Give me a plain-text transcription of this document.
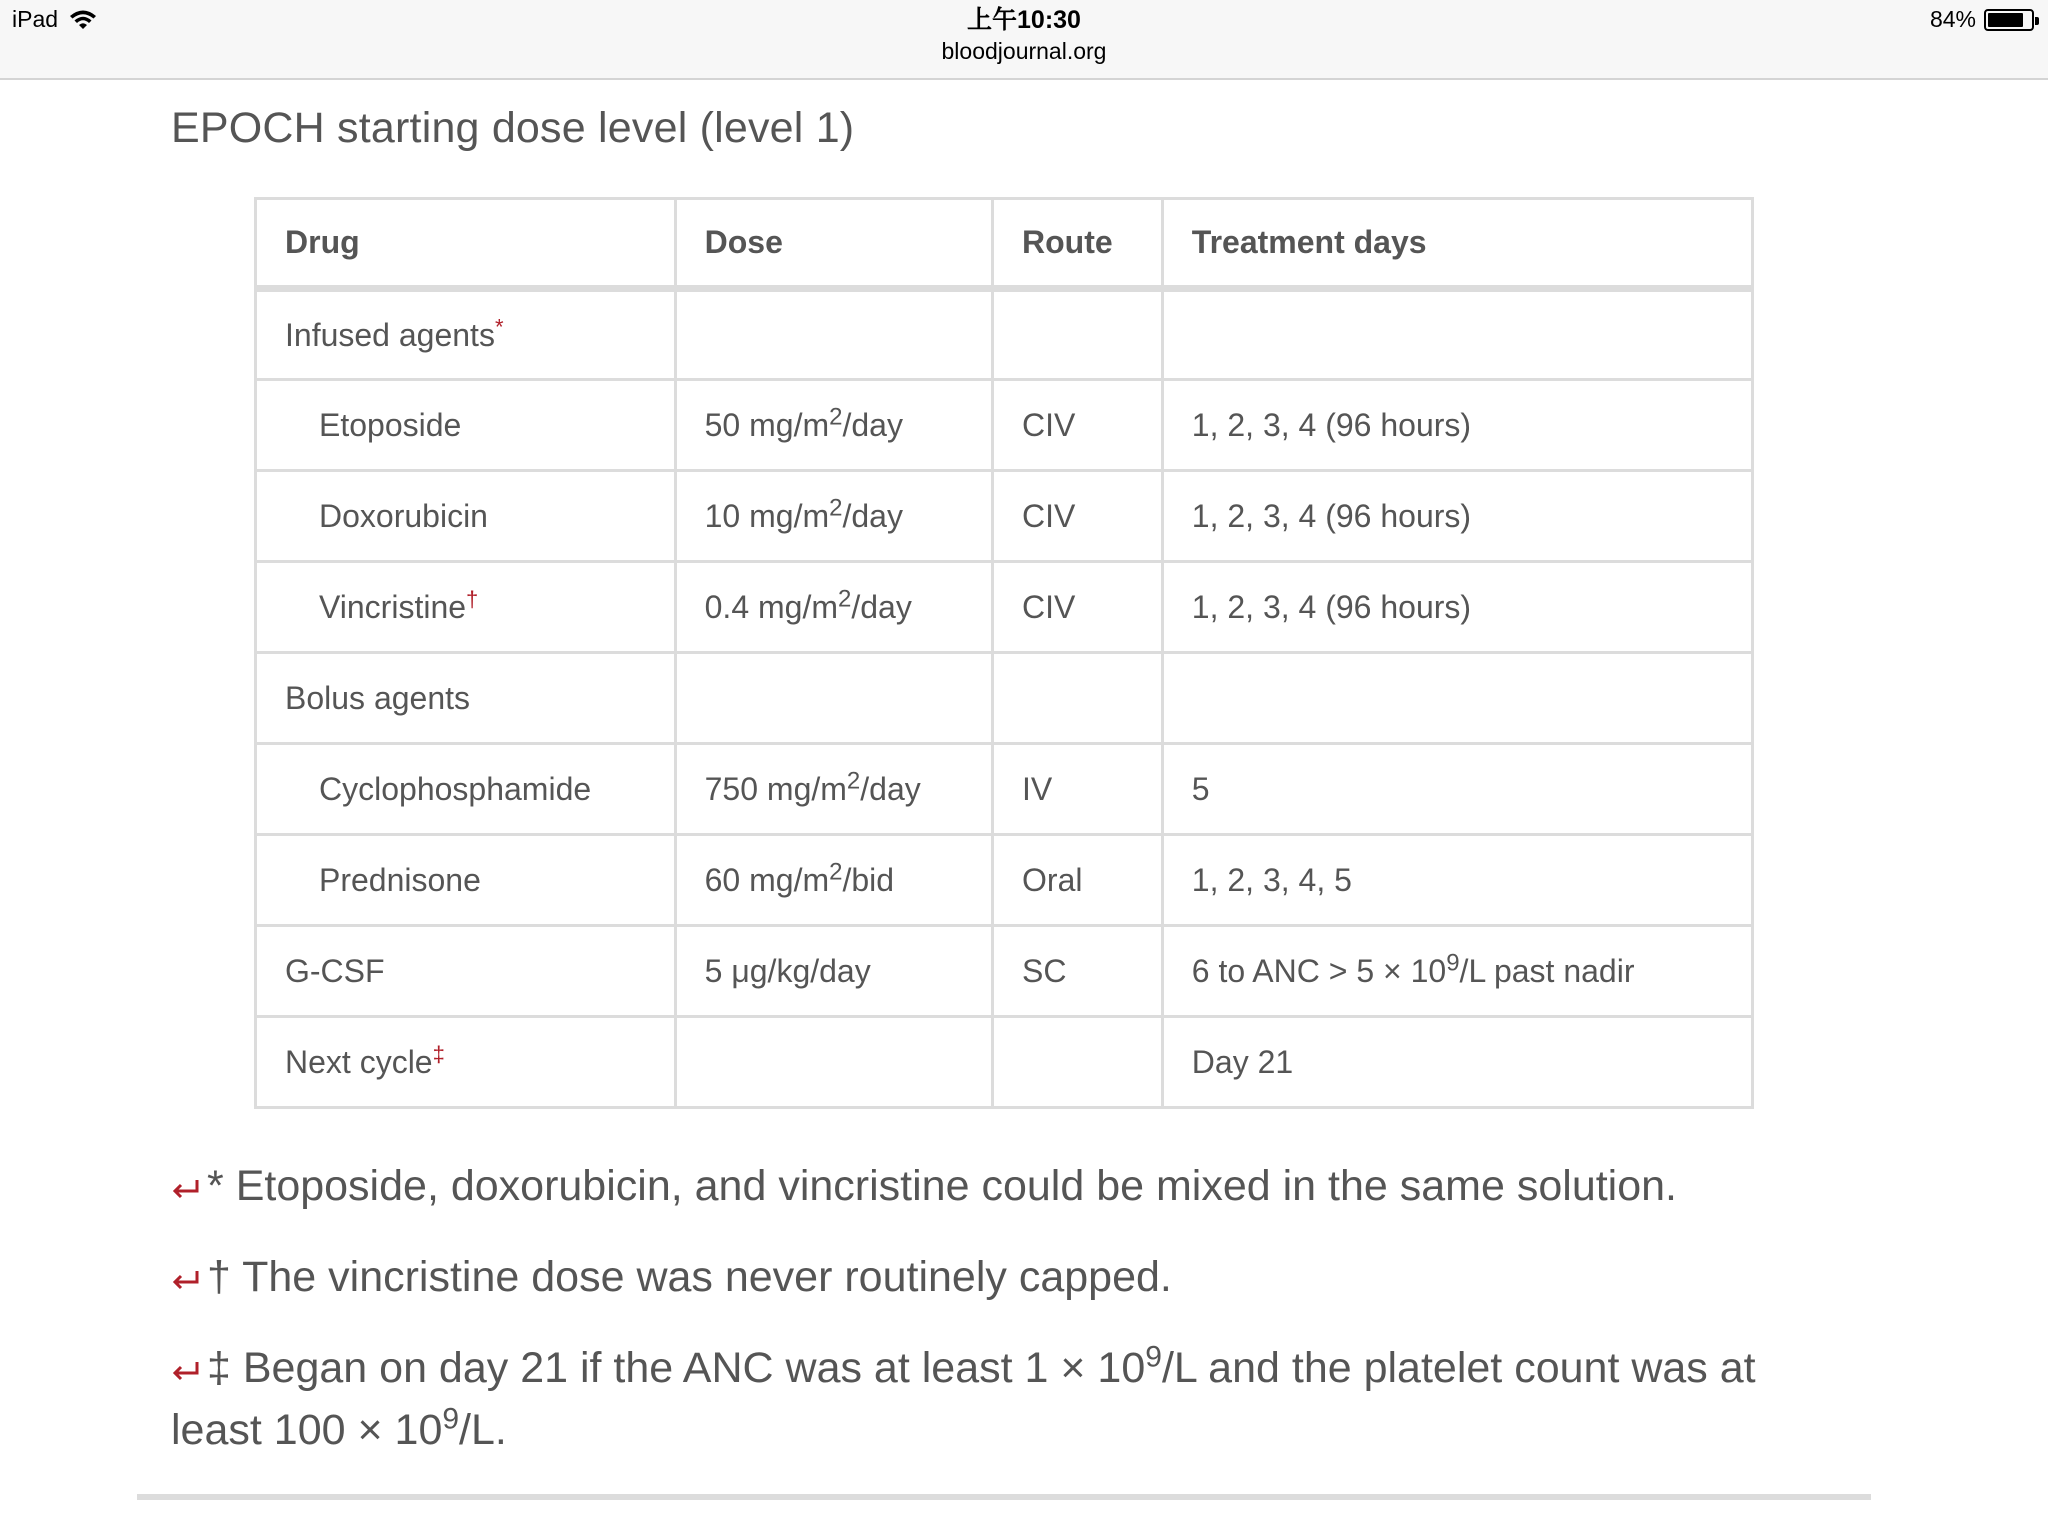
iPad	上午10:30
bloodjournal.org
84%
EPOCH starting dose level (level 1)
Drug	Dose	Route	Treatment days
Infused agents*			
Etoposide	50 $mg/m^2$/day	CIV	1, 2, 3, 4 (96 hours)
Doxorubicin	10 $mg/m^2$/day	CIV	1, 2, 3, 4 (96 hours)
Vincristine†	0.4 $mg/m^2$/day	CIV	1, 2, 3, 4 (96 hours)
Bolus agents			
Cyclophosphamide	750 $mg/m^2$/day	IV	5
Prednisone	60 $mg/m^2$/bid	Oral	1, 2, 3, 4, 5
G-CSF	5 μg/kg/day	SC	6 to ANC > $5 \times 10^9/L$ past nadir
Next cycle‡			Day 21
* Etoposide, doxorubicin, and vincristine could be mixed in the same solution.
† The vincristine dose was never routinely capped.
‡ Began on day 21 if the ANC was at least $1 \times 10^9/L$ and the platelet count was at least $100 \times 10^9/L$.
